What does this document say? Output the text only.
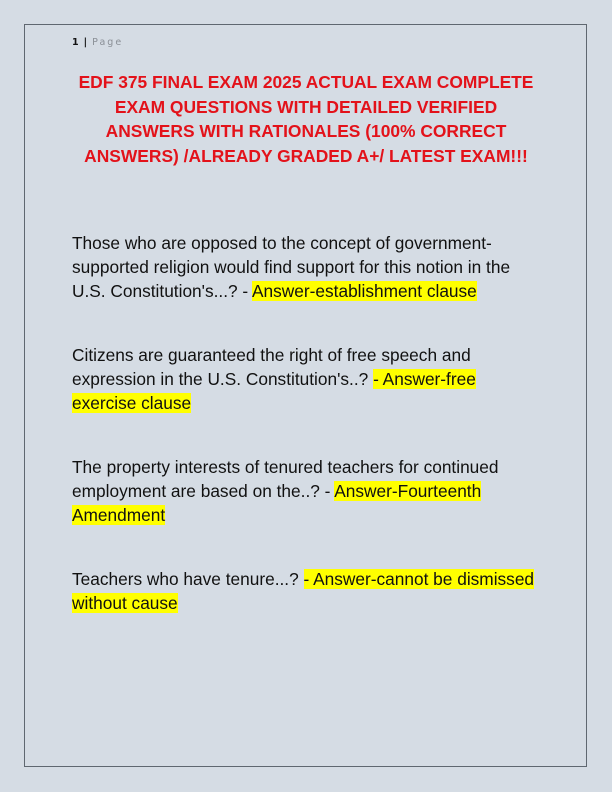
1 | Page
EDF 375 FINAL EXAM 2025 ACTUAL EXAM COMPLETE EXAM QUESTIONS WITH DETAILED VERIFIED ANSWERS WITH RATIONALES (100% CORRECT ANSWERS) /ALREADY GRADED A+/ LATEST EXAM!!!
Those who are opposed to the concept of government-supported religion would find support for this notion in the U.S. Constitution's...? - Answer-establishment clause
Citizens are guaranteed the right of free speech and expression in the U.S. Constitution's..? - Answer-free exercise clause
The property interests of tenured teachers for continued employment are based on the..? - Answer-Fourteenth Amendment
Teachers who have tenure...? - Answer-cannot be dismissed without cause
